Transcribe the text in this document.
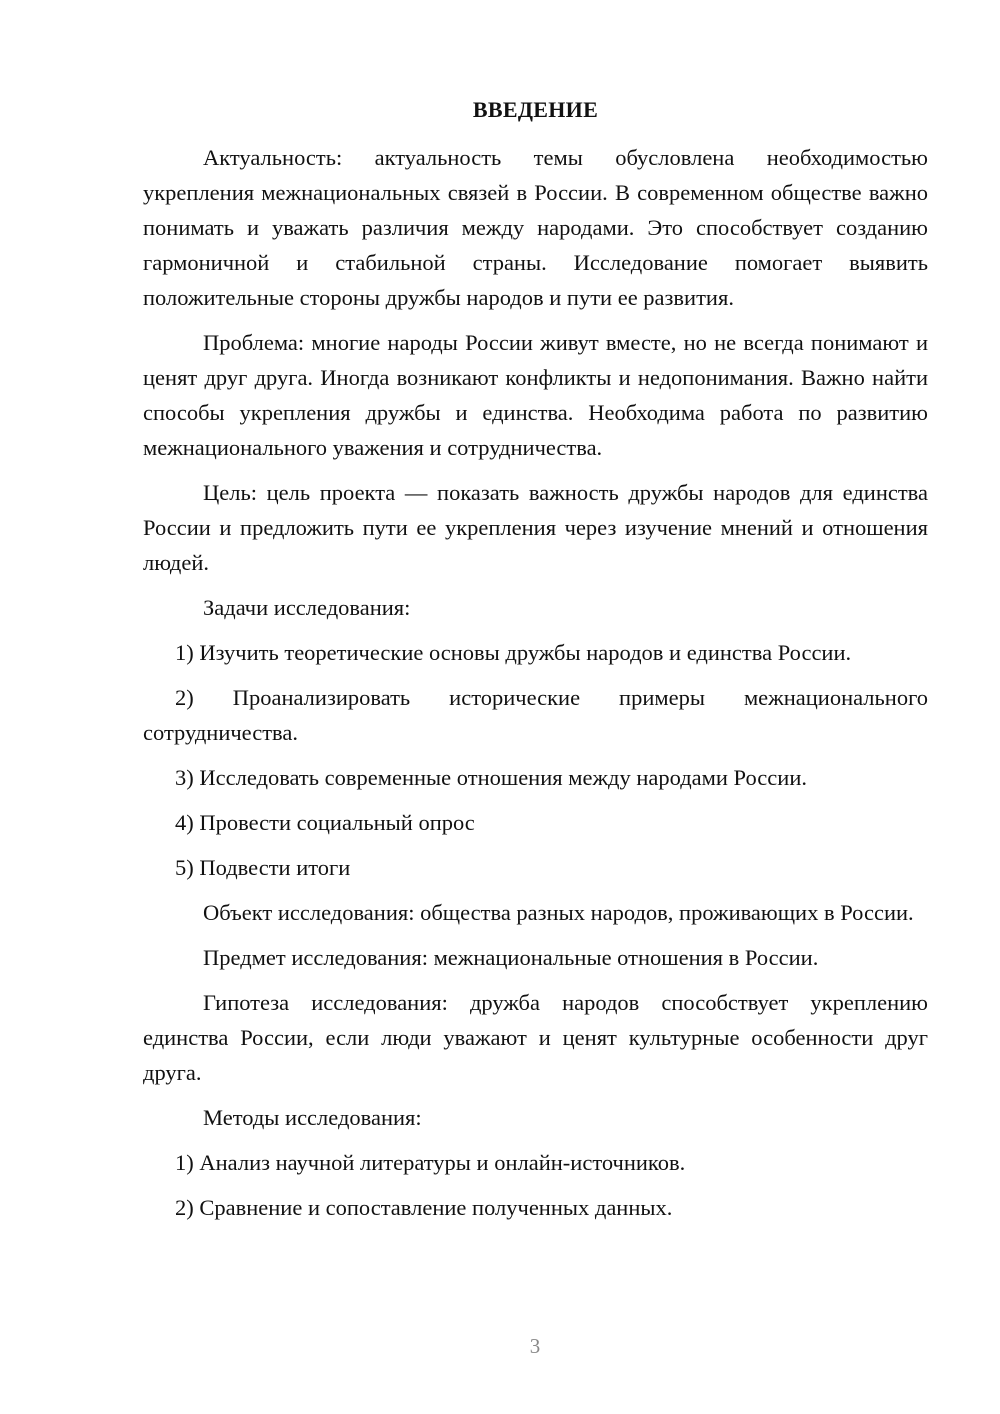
ВВЕДЕНИЕ

Актуальность: актуальность темы обусловлена необходимостью укрепления межнациональных связей в России. В современном обществе важно понимать и уважать различия между народами. Это способствует созданию гармоничной и стабильной страны. Исследование помогает выявить положительные стороны дружбы народов и пути ее развития.

Проблема: многие народы России живут вместе, но не всегда понимают и ценят друг друга. Иногда возникают конфликты и недопонимания. Важно найти способы укрепления дружбы и единства. Необходима работа по развитию межнационального уважения и сотрудничества.

Цель: цель проекта — показать важность дружбы народов для единства России и предложить пути ее укрепления через изучение мнений и отношения людей.

Задачи исследования:

1) Изучить теоретические основы дружбы народов и единства России.

2) Проанализировать исторические примеры межнационального сотрудничества.

3) Исследовать современные отношения между народами России.

4) Провести социальный опрос

5) Подвести итоги

Объект исследования: общества разных народов, проживающих в России.

Предмет исследования: межнациональные отношения в России.

Гипотеза исследования: дружба народов способствует укреплению единства России, если люди уважают и ценят культурные особенности друг друга.

Методы исследования:

1) Анализ научной литературы и онлайн-источников.

2) Сравнение и сопоставление полученных данных.

3
